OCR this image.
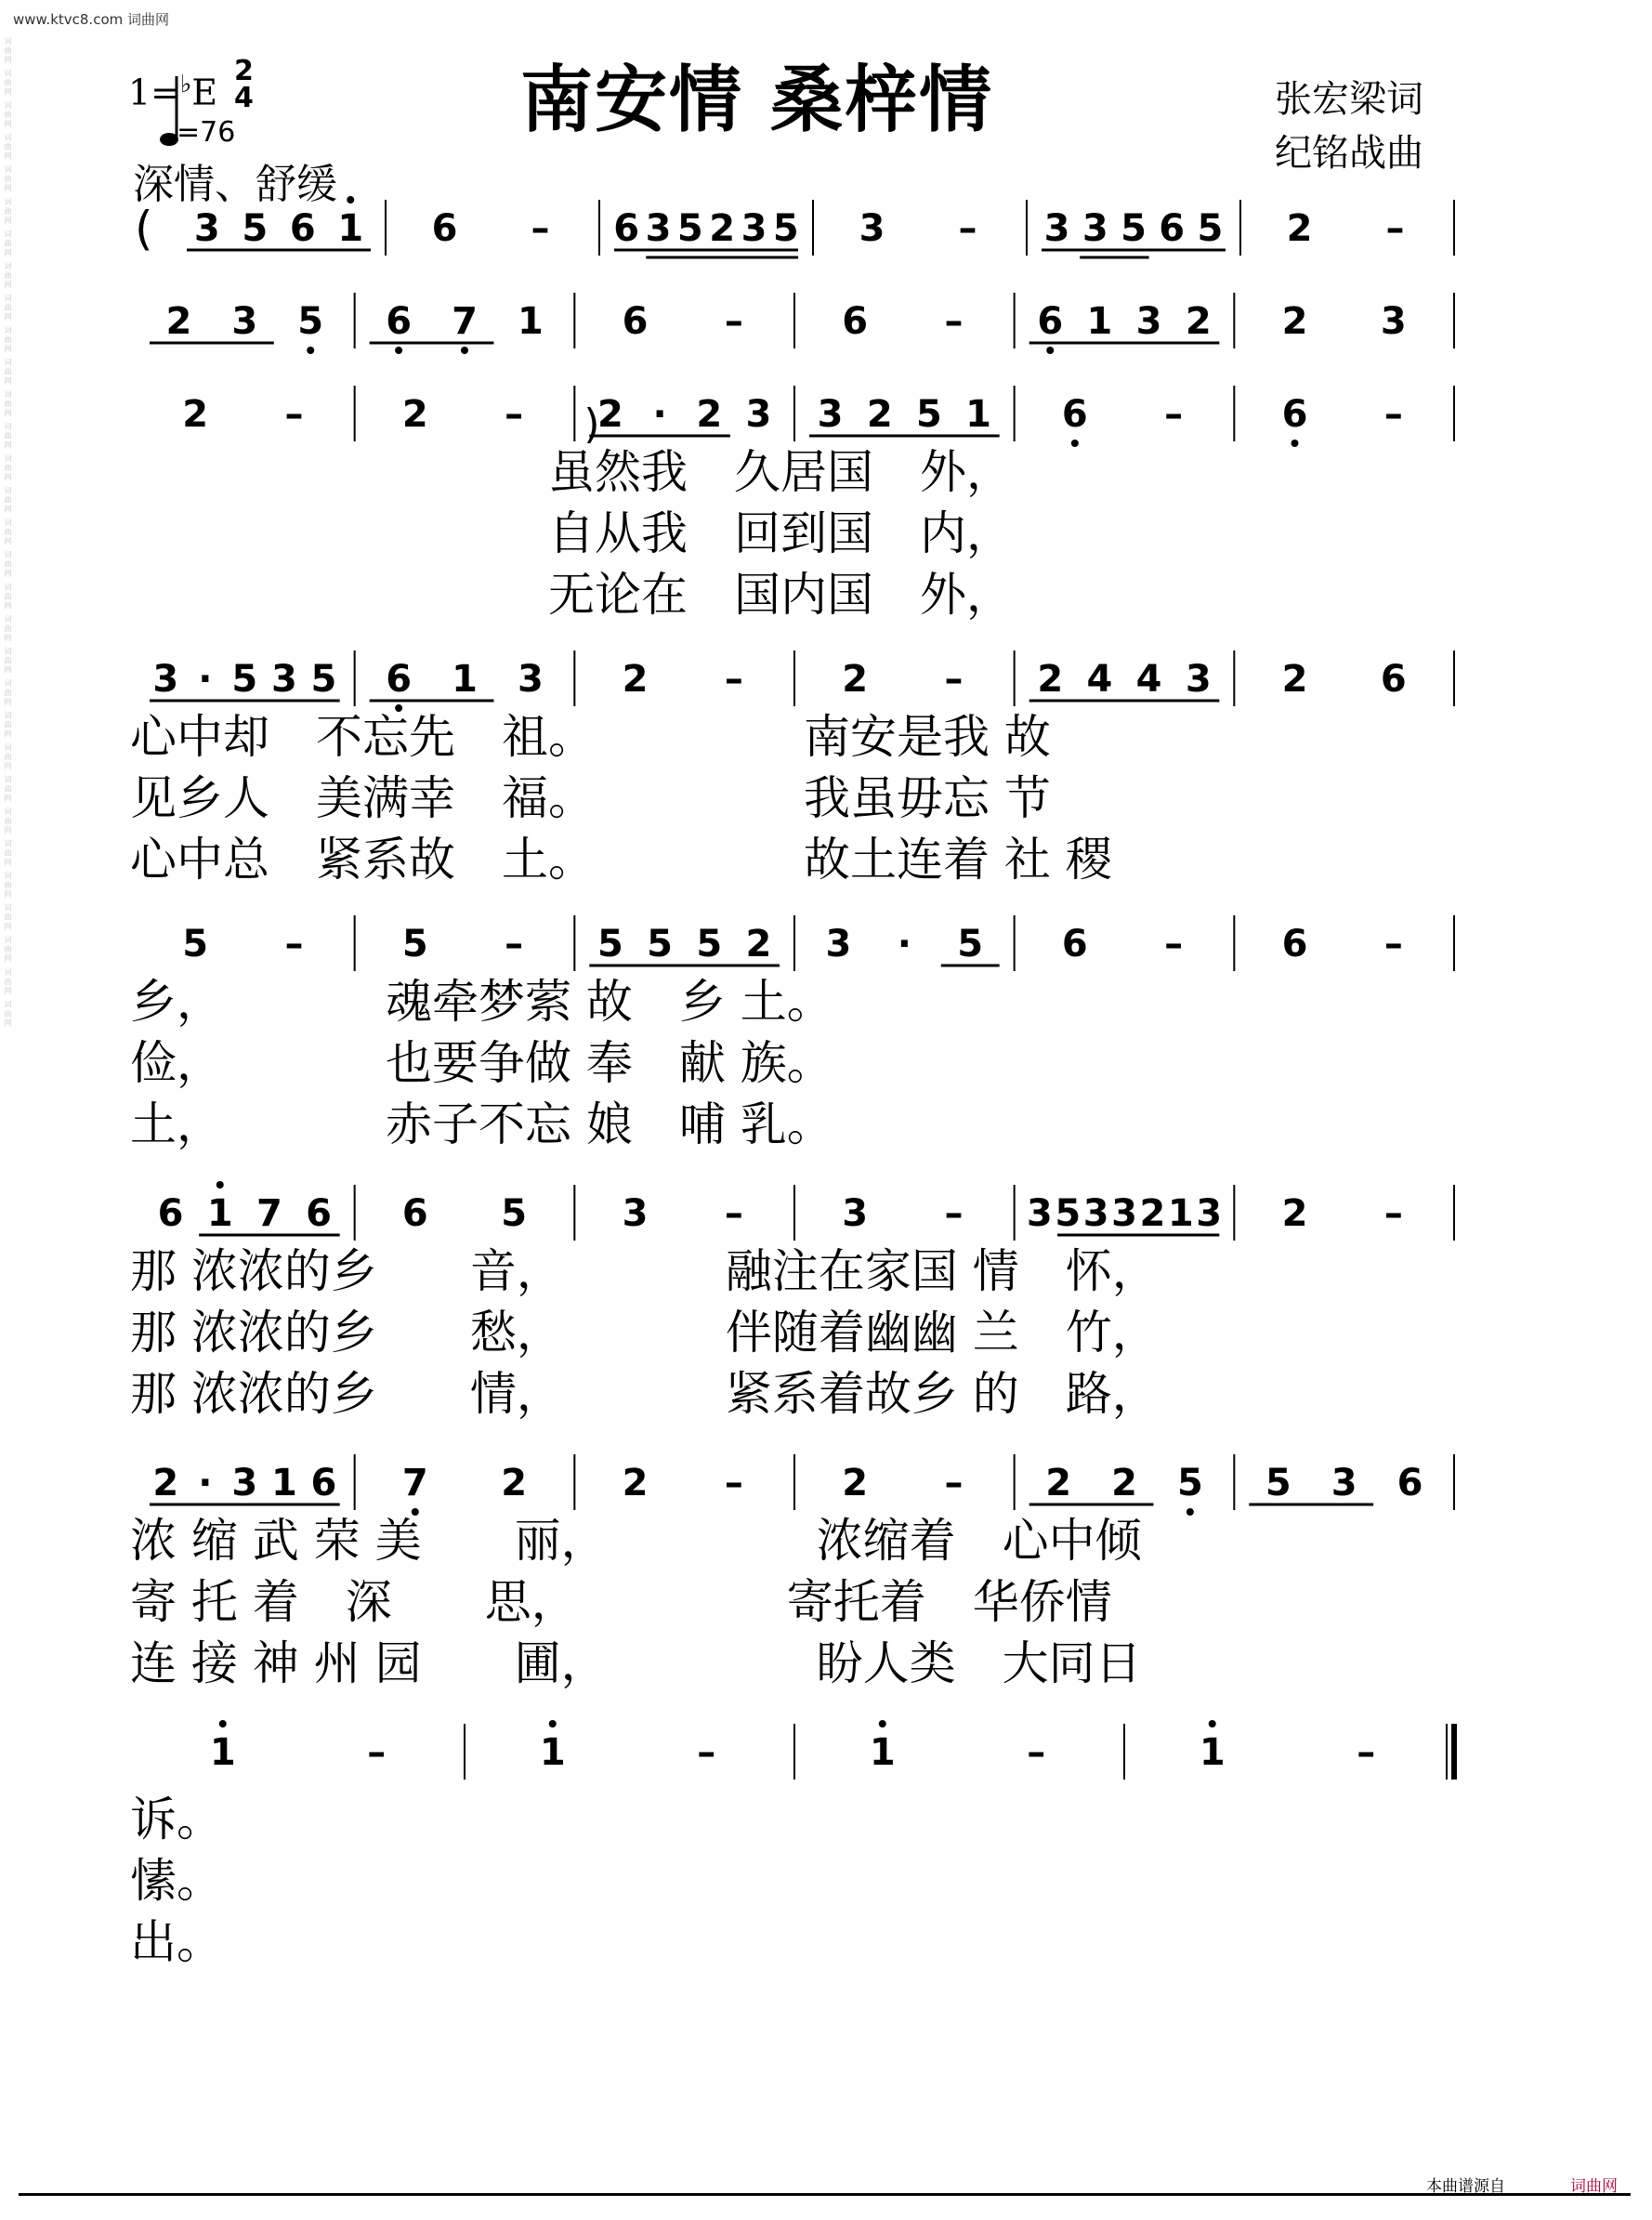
词曲网 词曲网 词曲网 词曲网 词曲网 词曲网 词曲网 词曲网 词曲网 词曲网 词曲网 词曲网 词曲网 词曲网 词曲网 词曲网 词曲网 词曲网 词曲网 词曲网 词曲网 词曲网 词曲网 词曲网 词曲网 词曲网 词曲网 词曲网 词曲网 词曲网 词曲网
www.ktvc8.com 词曲网
南安情 桑梓情	张宏梁词
纪铭战曲
1=♭E
2
4
=76
深情、舒缓
( 3 5 6 1 6 – 6 3 5 2 3 5 3 – 3 3 5 6 5 2 –
2 3 5 6 7 1 6 –	6 – 6 1 3 2 2 3
2 –	2 – )
2 · 2 3 3 2 5 1 6 –	6 –
3 · 5 3 5 6 1 3 2 –	2 – 2 4 4 3 2 6
5 –	5 – 5 5 5 2 3 · 5 6 –	6 –
6 1 7 6 6 5	3 –	3 – 3 5 3 3 2 1 3 2 –
2 · 3 1 6 7 2	2 –	2 – 2 2 5 5 3 6
1	–	1	–	1	–	1	–
虽然我　久居国　外，
自从我　回到国　内，
无论在　国内国　外，
心中却　不忘先　祖。　　　　　南安是我 故
见乡人　美满幸　福。　　　　　我虽毋忘 节
心中总　紧系故　土。　　　　　故土连着 社 稷
乡，　　　　魂牵梦萦 故　乡 土。
俭，　　　　也要争做 奉　献 族。
土，　　　　赤子不忘 娘　哺 乳。
那 浓浓的乡　　音，　　　　融注在家国 情　怀，
那 浓浓的乡　　愁，　　　　伴随着幽幽 兰　竹，
那 浓浓的乡　　情，　　　　紧系着故乡 的　路，
浓 缩 武 荣 美　　丽，　　　　　浓缩着　心中倾
寄 托 着　深　　思，　　　　　寄托着　华侨情
连 接 神 州 园　　圃，　　　　　盼人类　大同日
诉。
愫。
出。
本曲谱源自	词曲网
